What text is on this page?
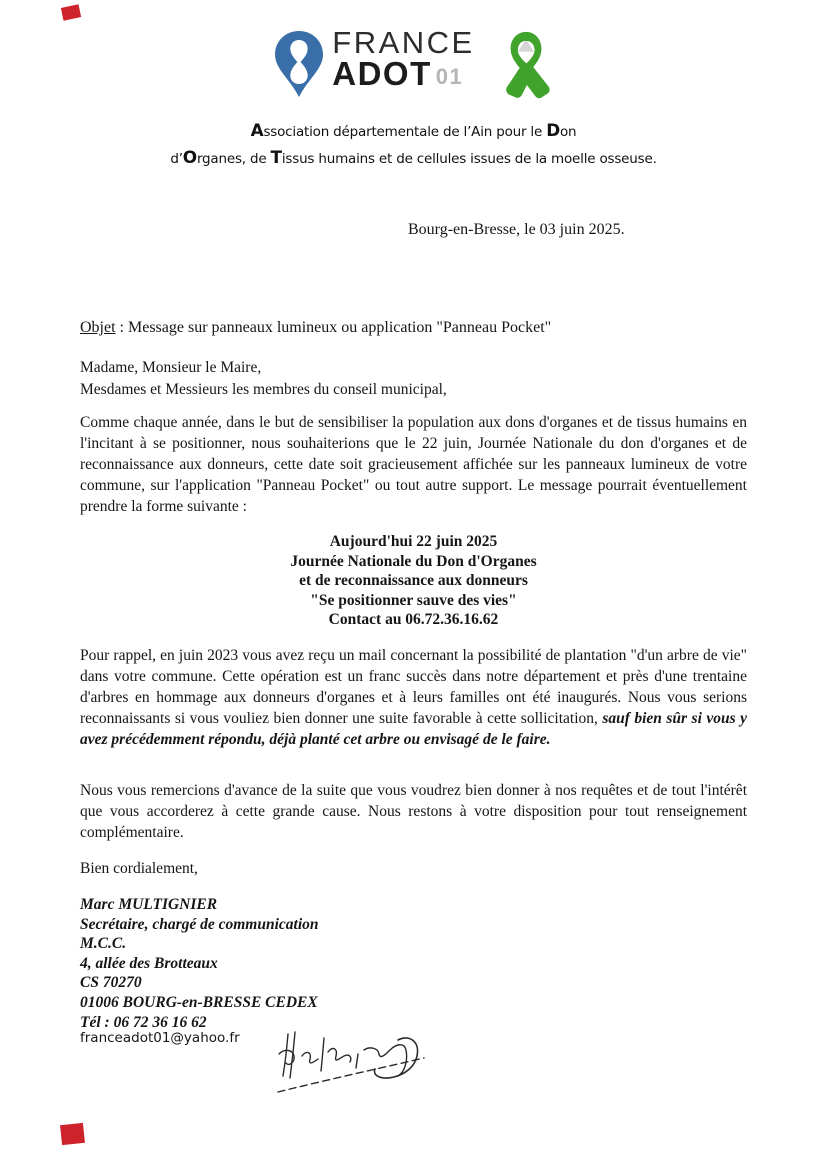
FRANCE
ADOT 01
Association départementale de l’Ain pour le Don
d’Organes, de Tissus humains et de cellules issues de la moelle osseuse.
Bourg-en-Bresse, le 03 juin 2025.
Objet : Message sur panneaux lumineux ou application "Panneau Pocket"
Madame, Monsieur le Maire,
Mesdames et Messieurs les membres du conseil municipal,
Comme chaque année, dans le but de sensibiliser la population aux dons d'organes et de tissus humains en l'incitant à se positionner, nous souhaiterions que le 22 juin, Journée Nationale du don d'organes et de reconnaissance aux donneurs, cette date soit gracieusement affichée sur les panneaux lumineux de votre commune, sur l'application "Panneau Pocket" ou tout autre support. Le message pourrait éventuellement prendre la forme suivante :
Aujourd'hui 22 juin 2025
Journée Nationale du Don d'Organes
et de reconnaissance aux donneurs
"Se positionner sauve des vies"
Contact au 06.72.36.16.62
Pour rappel, en juin 2023 vous avez reçu un mail concernant la possibilité de plantation "d'un arbre de vie" dans votre commune. Cette opération est un franc succès dans notre département et près d'une trentaine d'arbres en hommage aux donneurs d'organes et à leurs familles ont été inaugurés. Nous vous serions reconnaissants si vous vouliez bien donner une suite favorable à cette sollicitation, sauf bien sûr si vous y avez précédemment répondu, déjà planté cet arbre ou envisagé de le faire.
Nous vous remercions d'avance de la suite que vous voudrez bien donner à nos requêtes et de tout l'intérêt que vous accorderez à cette grande cause. Nous restons à votre disposition pour tout renseignement complémentaire.
Bien cordialement,
Marc MULTIGNIER
Secrétaire, chargé de communication
M.C.C.
4, allée des Brotteaux
CS 70270
01006 BOURG-en-BRESSE CEDEX
Tél : 06 72 36 16 62
franceadot01@yahoo.fr
